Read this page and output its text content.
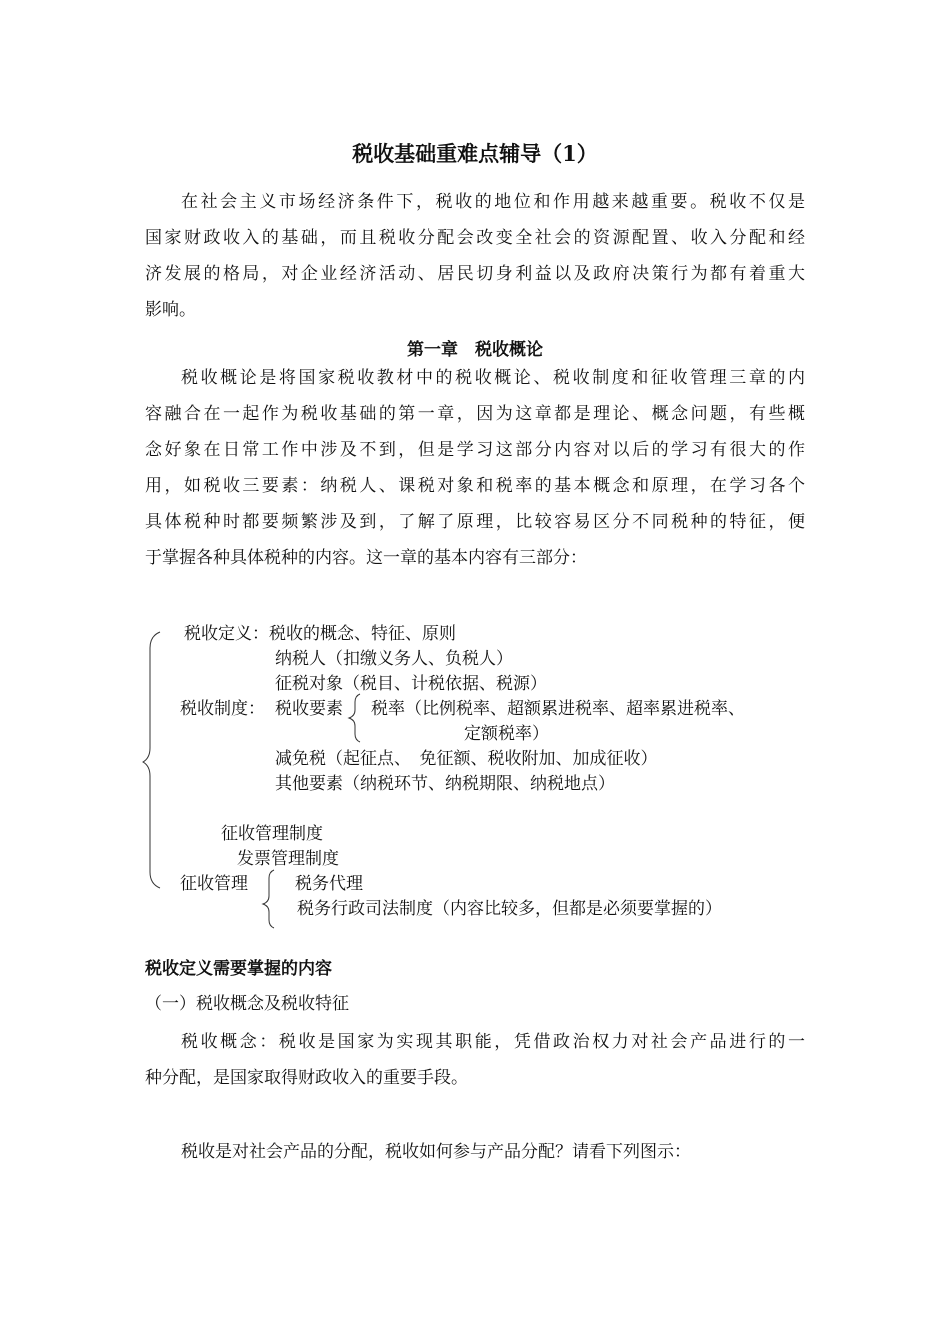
税收基础重难点辅导（1）
在社会主义市场经济条件下，税收的地位和作用越来越重要。税收不仅是
国家财政收入的基础，而且税收分配会改变全社会的资源配置、收入分配和经
济发展的格局，对企业经济活动、居民切身利益以及政府决策行为都有着重大
影响。
第一章　税收概论
税收概论是将国家税收教材中的税收概论、税收制度和征收管理三章的内
容融合在一起作为税收基础的第一章，因为这章都是理论、概念问题，有些概
念好象在日常工作中涉及不到，但是学习这部分内容对以后的学习有很大的作
用，如税收三要素：纳税人、课税对象和税率的基本概念和原理，在学习各个
具体税种时都要频繁涉及到，了解了原理，比较容易区分不同税种的特征，便
于掌握各种具体税种的内容。这一章的基本内容有三部分：
税收定义：税收的概念、特征、原则
纳税人（扣缴义务人、负税人）
征税对象（税目、计税依据、税源）
税收制度： 税收要素 税率（比例税率、超额累进税率、超率累进税率、
定额税率）
减免税（起征点、　免征额、税收附加、加成征收）
其他要素（纳税环节、纳税期限、纳税地点）
征收管理制度
发票管理制度
征收管理	税务代理
税务行政司法制度（内容比较多，但都是必须要掌握的）
税收定义需要掌握的内容
（一）税收概念及税收特征
税收概念：税收是国家为实现其职能，凭借政治权力对社会产品进行的一
种分配，是国家取得财政收入的重要手段。
税收是对社会产品的分配，税收如何参与产品分配？请看下列图示：
